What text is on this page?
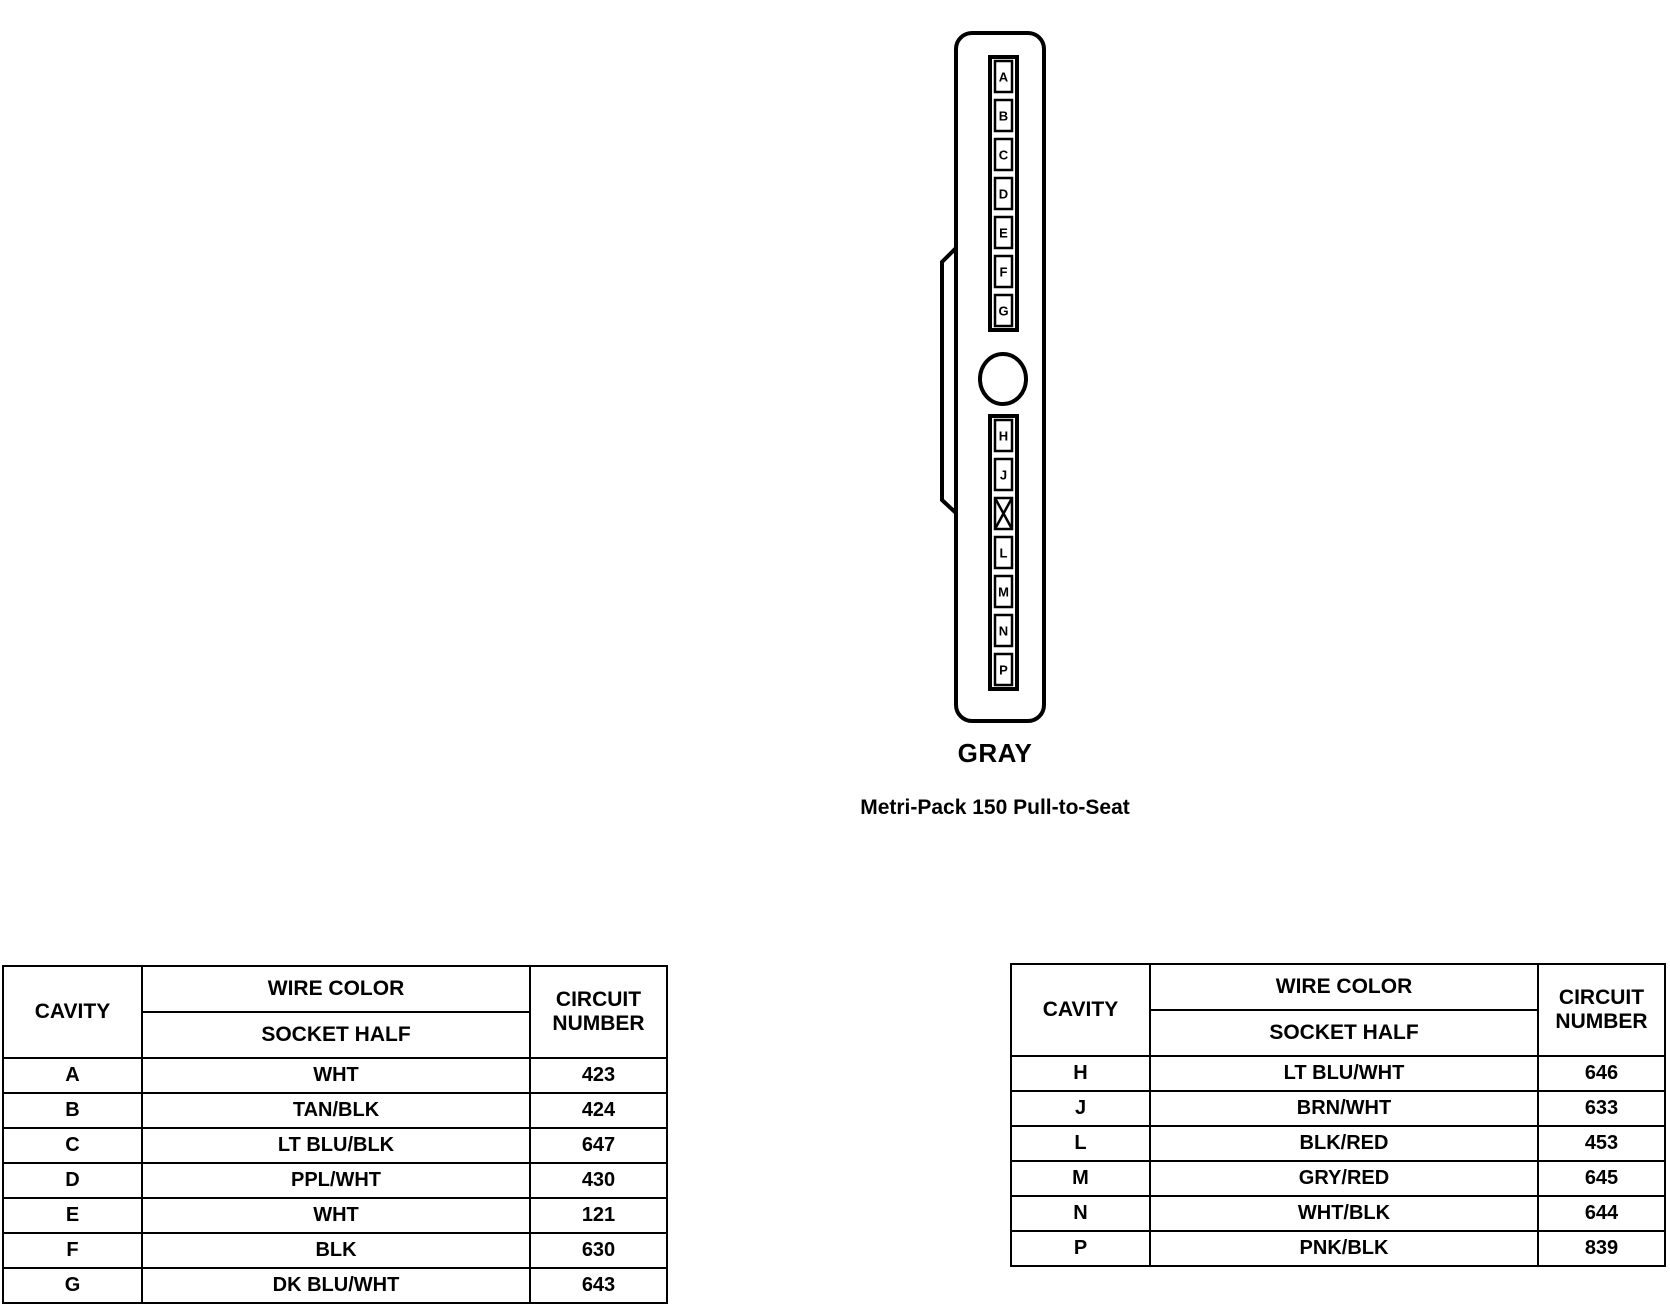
A
B
C
D
E
F
G
H
J
L
M
N
P
GRAY
Metri-Pack 150 Pull-to-Seat
CAVITY	WIRE COLOR	CIRCUIT
NUMBER
	SOCKET HALF	
A	WHT	423
B	TAN/BLK	424
C	LT BLU/BLK	647
D	PPL/WHT	430
E	WHT	121
F	BLK	630
G	DK BLU/WHT	643
CAVITY	WIRE COLOR	CIRCUIT
NUMBER
	SOCKET HALF	
H	LT BLU/WHT	646
J	BRN/WHT	633
L	BLK/RED	453
M	GRY/RED	645
N	WHT/BLK	644
P	PNK/BLK	839
